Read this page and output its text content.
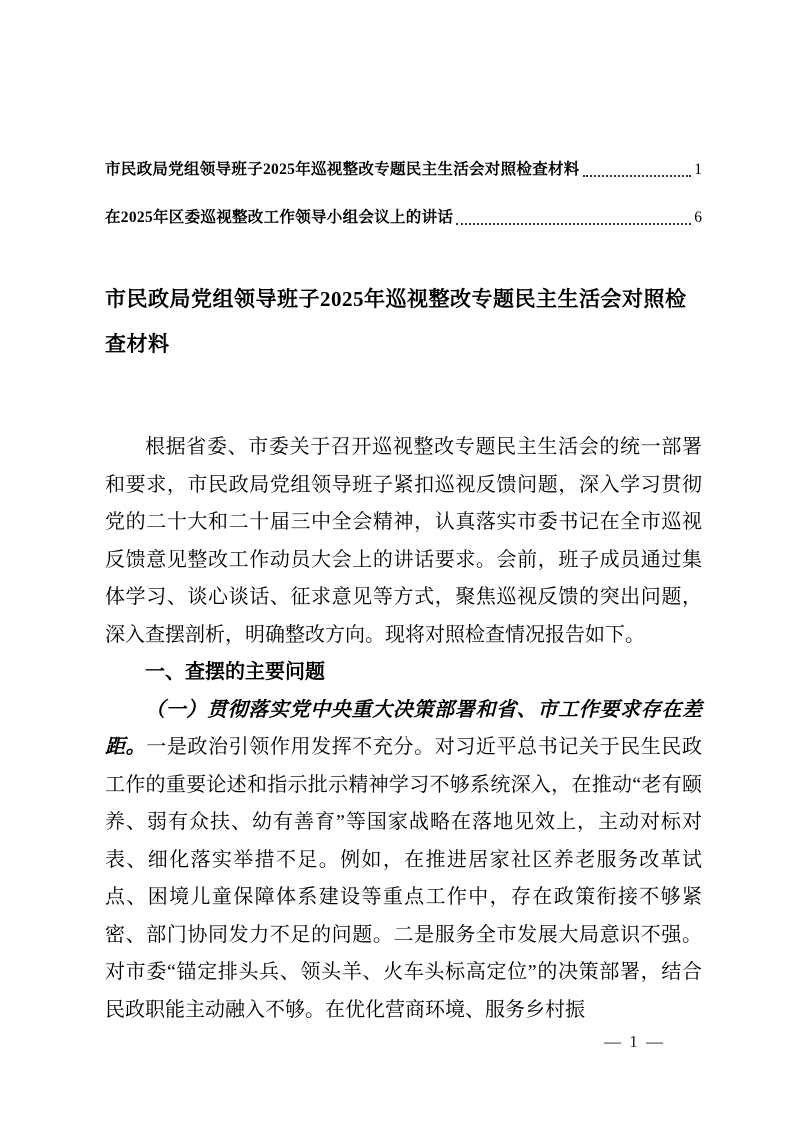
市民政局党组领导班子2025年巡视整改专题民主生活会对照检查材料	1
在2025年区委巡视整改工作领导小组会议上的讲话	6
市民政局党组领导班子2025年巡视整改专题民主生活会对照检查材料

根据省委、市委关于召开巡视整改专题民主生活会的统一部署和要求，市民政局党组领导班子紧扣巡视反馈问题，深入学习贯彻党的二十大和二十届三中全会精神，认真落实市委书记在全市巡视反馈意见整改工作动员大会上的讲话要求。会前，班子成员通过集体学习、谈心谈话、征求意见等方式，聚焦巡视反馈的突出问题，深入查摆剖析，明确整改方向。现将对照检查情况报告如下。

一、查摆的主要问题

（一）贯彻落实党中央重大决策部署和省、市工作要求存在差距。一是政治引领作用发挥不充分。对习近平总书记关于民生民政工作的重要论述和指示批示精神学习不够系统深入，在推动“老有颐养、弱有众扶、幼有善育”等国家战略在落地见效上，主动对标对表、细化落实举措不足。例如，在推进居家社区养老服务改革试点、困境儿童保障体系建设等重点工作中，存在政策衔接不够紧密、部门协同发力不足的问题。二是服务全市发展大局意识不强。对市委“锚定排头兵、领头羊、火车头标高定位”的决策部署，结合民政职能主动融入不够。在优化营商环境、服务乡村振

— 1 —
